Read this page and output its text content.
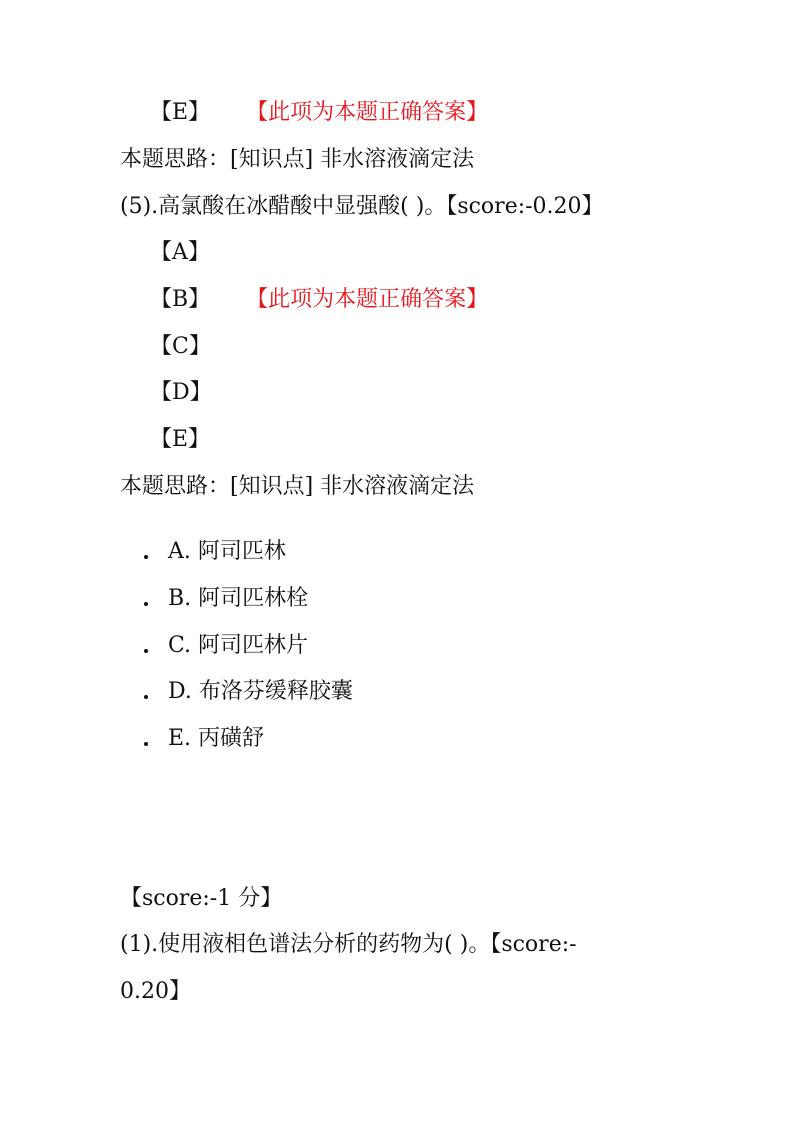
【E】 【此项为本题正确答案】
本题思路：[知识点] 非水溶液滴定法
(5).高氯酸在冰醋酸中显强酸( )。【score:-0.20】
【A】
【B】 【此项为本题正确答案】
【C】
【D】
【E】
本题思路：[知识点] 非水溶液滴定法
A. 阿司匹林
B. 阿司匹林栓
C. 阿司匹林片
D. 布洛芬缓释胶囊
E. 丙磺舒
【score:-1 分】
(1).使用液相色谱法分析的药物为( )。【score:-
0.20】
